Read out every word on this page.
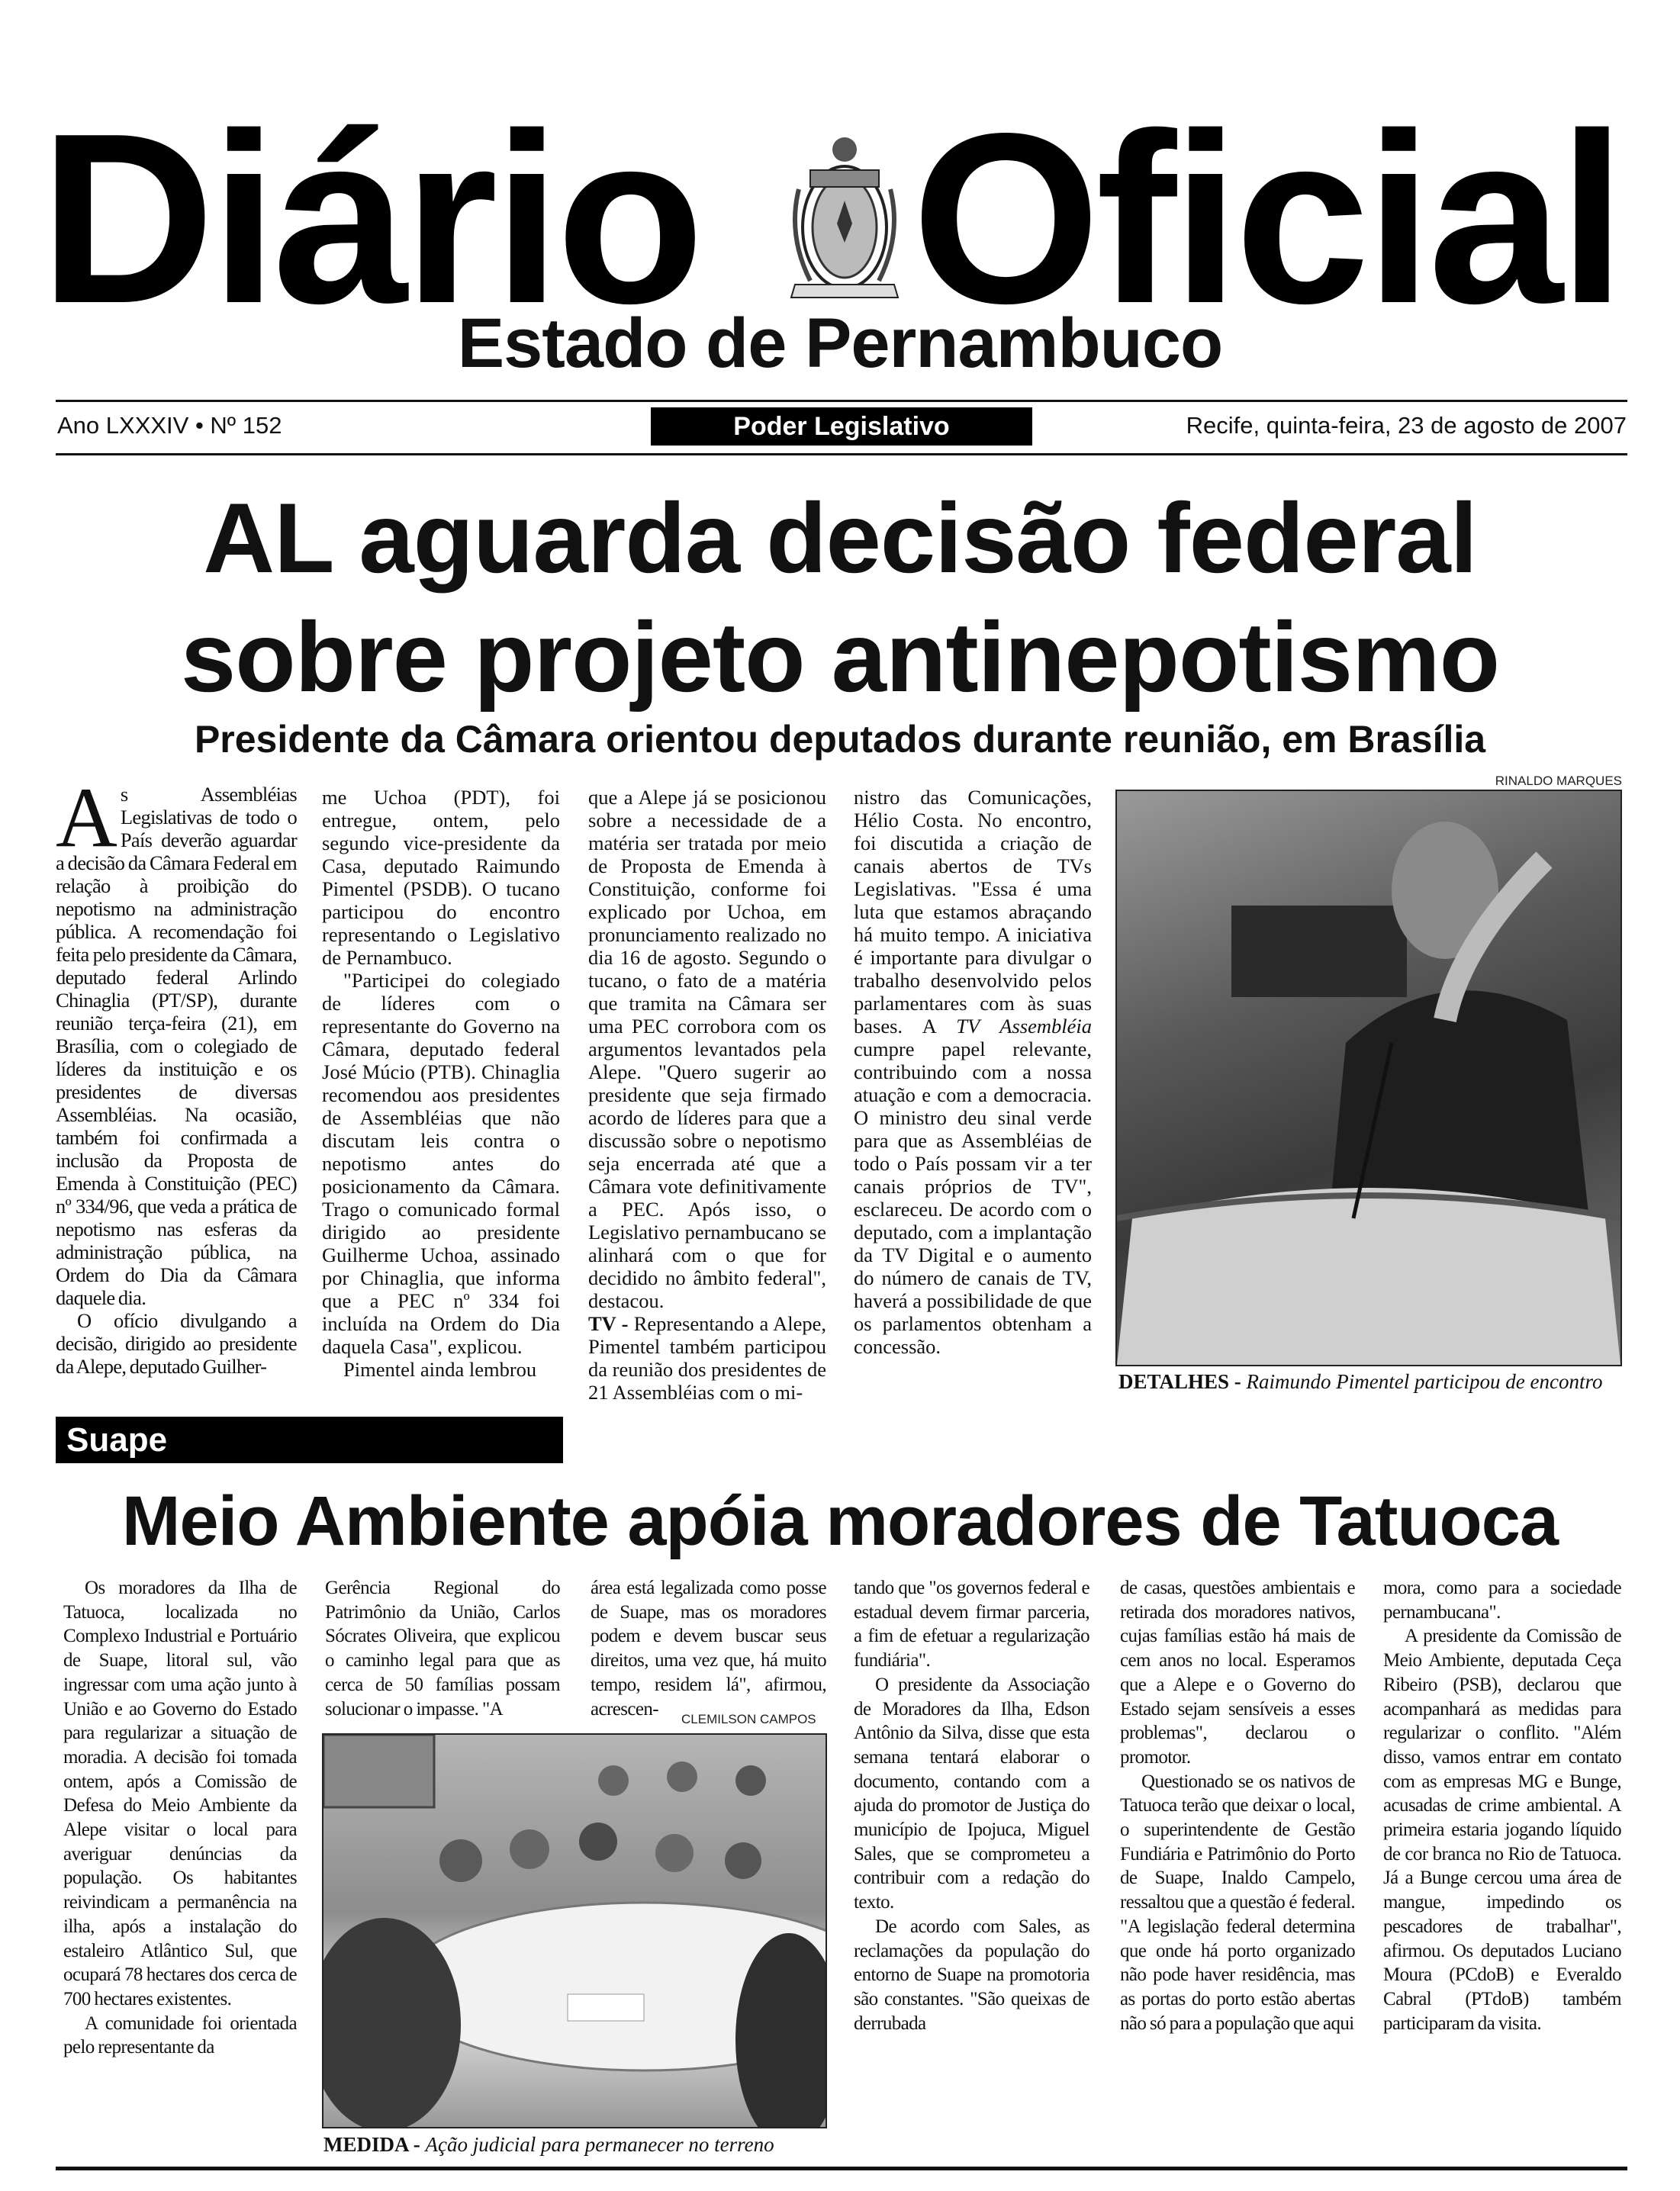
Diário Oficial
Estado de Pernambuco
Ano LXXXIV • Nº 152	Poder Legislativo	Recife, quinta-feira, 23 de agosto de 2007
AL aguarda decisão federal
sobre projeto antinepotismo
Presidente da Câmara orientou deputados durante reunião, em Brasília

As Assembléias Legislativas de todo o País deverão aguardar a decisão da Câmara Federal em relação à proibição do nepotismo na administração pública. A recomendação foi feita pelo presidente da Câmara, deputado federal Arlindo Chinaglia (PT/SP), durante reunião terça-feira (21), em Brasília, com o colegiado de líderes da instituição e os presidentes de diversas Assembléias. Na ocasião, também foi confirmada a inclusão da Proposta de Emenda à Constituição (PEC) nº 334/96, que veda a prática de nepotismo nas esferas da administração pública, na Ordem do Dia da Câmara daquele dia.

O ofício divulgando a decisão, dirigido ao presidente da Alepe, deputado Guilher-

me Uchoa (PDT), foi entregue, ontem, pelo segundo vice-presidente da Casa, deputado Raimundo Pimentel (PSDB). O tucano participou do encontro representando o Legislativo de Pernambuco.

"Participei do colegiado de líderes com o representante do Governo na Câmara, deputado federal José Múcio (PTB). Chinaglia recomendou aos presidentes de Assembléias que não discutam leis contra o nepotismo antes do posicionamento da Câmara. Trago o comunicado formal dirigido ao presidente Guilherme Uchoa, assinado por Chinaglia, que informa que a PEC nº 334 foi incluída na Ordem do Dia daquela Casa", explicou.

Pimentel ainda lembrou

que a Alepe já se posicionou sobre a necessidade de a matéria ser tratada por meio de Proposta de Emenda à Constituição, conforme foi explicado por Uchoa, em pronunciamento realizado no dia 16 de agosto. Segundo o tucano, o fato de a matéria que tramita na Câmara ser uma PEC corrobora com os argumentos levantados pela Alepe. "Quero sugerir ao presidente que seja firmado acordo de líderes para que a discussão sobre o nepotismo seja encerrada até que a Câmara vote definitivamente a PEC. Após isso, o Legislativo pernambucano se alinhará com o que for decidido no âmbito federal", destacou.

TV - Representando a Alepe, Pimentel também participou da reunião dos presidentes de 21 Assembléias com o mi-

nistro das Comunicações, Hélio Costa. No encontro, foi discutida a criação de canais abertos de TVs Legislativas. "Essa é uma luta que estamos abraçando há muito tempo. A iniciativa é importante para divulgar o trabalho desenvolvido pelos parlamentares com às suas bases. A TV Assembléia cumpre papel relevante, contribuindo com a nossa atuação e com a democracia. O ministro deu sinal verde para que as Assembléias de todo o País possam vir a ter canais próprios de TV", esclareceu. De acordo com o deputado, com a implantação da TV Digital e o aumento do número de canais de TV, haverá a possibilidade de que os parlamentos obtenham a concessão.

RINALDO MARQUES
DETALHES - Raimundo Pimentel participou de encontro
Suape
Meio Ambiente apóia moradores de Tatuoca

Os moradores da Ilha de Tatuoca, localizada no Complexo Industrial e Portuário de Suape, litoral sul, vão ingressar com uma ação junto à União e ao Governo do Estado para regularizar a situação de moradia. A decisão foi tomada ontem, após a Comissão de Defesa do Meio Ambiente da Alepe visitar o local para averiguar denúncias da população. Os habitantes reivindicam a permanência na ilha, após a instalação do estaleiro Atlântico Sul, que ocupará 78 hectares dos cerca de 700 hectares existentes.

A comunidade foi orientada pelo representante da

Gerência Regional do Patrimônio da União, Carlos Sócrates Oliveira, que explicou o caminho legal para que as cerca de 50 famílias possam solucionar o impasse. "A

área está legalizada como posse de Suape, mas os moradores podem e devem buscar seus direitos, uma vez que, há muito tempo, residem lá", afirmou, acrescen-

tando que "os governos federal e estadual devem firmar parceria, a fim de efetuar a regularização fundiária".

O presidente da Associação de Moradores da Ilha, Edson Antônio da Silva, disse que esta semana tentará elaborar o documento, contando com a ajuda do promotor de Justiça do município de Ipojuca, Miguel Sales, que se comprometeu a contribuir com a redação do texto.

De acordo com Sales, as reclamações da população do entorno de Suape na promotoria são constantes. "São queixas de derrubada

de casas, questões ambientais e retirada dos moradores nativos, cujas famílias estão há mais de cem anos no local. Esperamos que a Alepe e o Governo do Estado sejam sensíveis a esses problemas", declarou o promotor.

Questionado se os nativos de Tatuoca terão que deixar o local, o superintendente de Gestão Fundiária e Patrimônio do Porto de Suape, Inaldo Campelo, ressaltou que a questão é federal. "A legislação federal determina que onde há porto organizado não pode haver residência, mas as portas do porto estão abertas não só para a população que aqui

mora, como para a sociedade pernambucana".

A presidente da Comissão de Meio Ambiente, deputada Ceça Ribeiro (PSB), declarou que acompanhará as medidas para regularizar o conflito. "Além disso, vamos entrar em contato com as empresas MG e Bunge, acusadas de crime ambiental. A primeira estaria jogando líquido de cor branca no Rio de Tatuoca. Já a Bunge cercou uma área de mangue, impedindo os pescadores de trabalhar", afirmou. Os deputados Luciano Moura (PCdoB) e Everaldo Cabral (PTdoB) também participaram da visita.

CLEMILSON CAMPOS
MEDIDA - Ação judicial para permanecer no terreno
